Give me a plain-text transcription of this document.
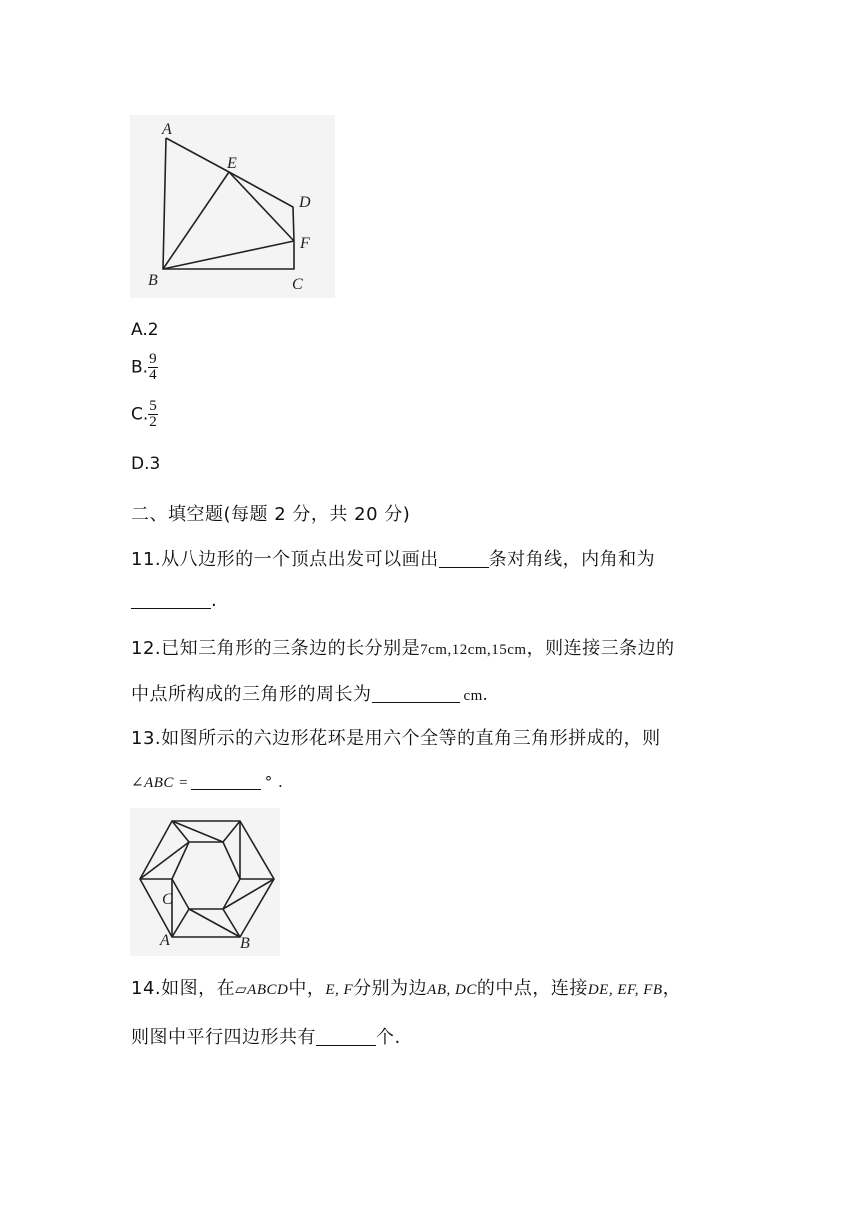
A
E
D
F
B	C
A.2
B. $\frac{9}{4}$
C. $\frac{5}{2}$
D.3
二、填空题(每题 2 分，共 20 分)
11.从八边形的一个顶点出发可以画出	条对角线，内角和为
.
12.已知三角形的三条边的长分别是7cm,12cm,15cm，则连接三条边的
中点所构成的三角形的周长为	cm.
13.如图所示的六边形花环是用六个全等的直角三角形拼成的，则
∠ABC =	° .
C
A	B
14.如图，在▱ABCD中，E, F分别为边AB, DC的中点，连接DE, EF, FB，
则图中平行四边形共有	个.
